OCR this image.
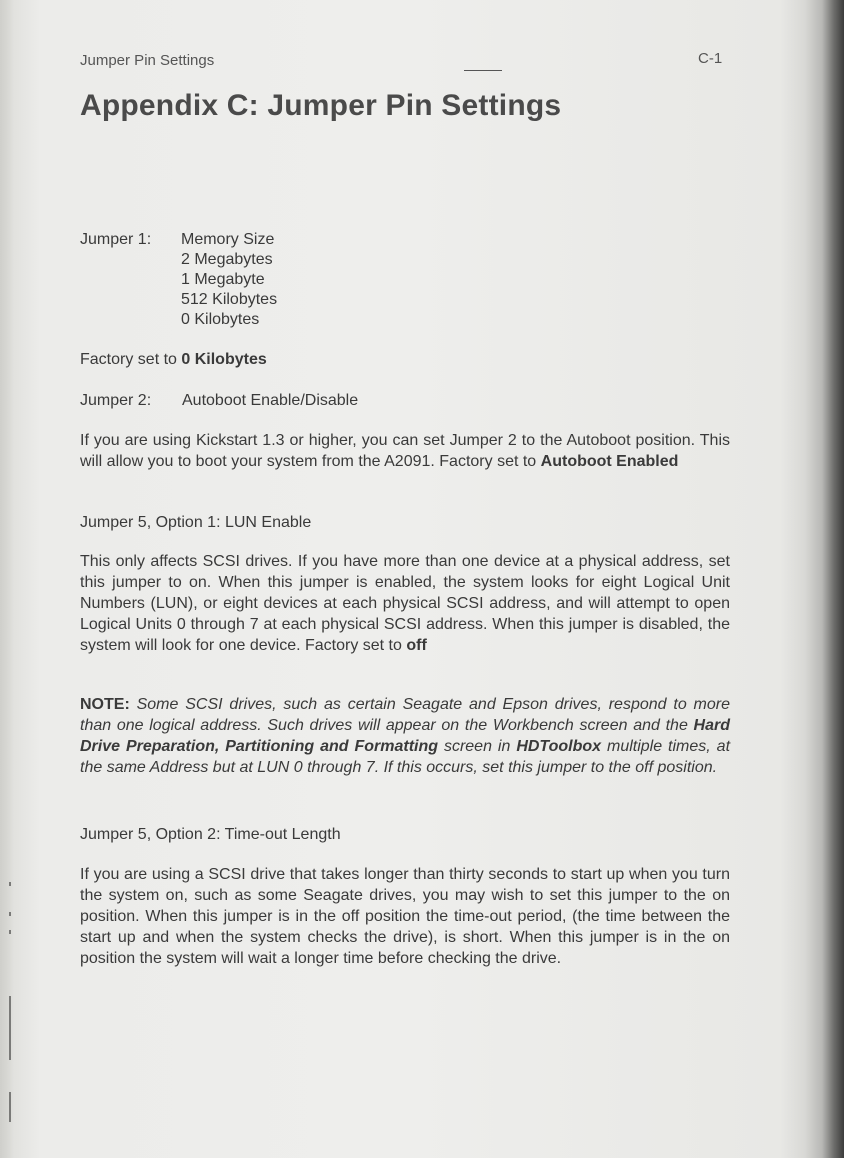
Jumper Pin Settings	C-1
Appendix C: Jumper Pin Settings
Jumper 1:	Memory Size
2 Megabytes
1 Megabyte
512 Kilobytes
0 Kilobytes
Factory set to 0 Kilobytes
Jumper 2: Autoboot Enable/Disable

If you are using Kickstart 1.3 or higher, you can set Jumper 2 to the Autoboot position. This will allow you to boot your system from the A2091. Factory set to Autoboot Enabled

Jumper 5, Option 1: LUN Enable

This only affects SCSI drives. If you have more than one device at a physical address, set this jumper to on. When this jumper is enabled, the system looks for eight Logical Unit Numbers (LUN), or eight devices at each physical SCSI address, and will attempt to open Logical Units 0 through 7 at each physical SCSI address. When this jumper is disabled, the system will look for one device. Factory set to off

NOTE: Some SCSI drives, such as certain Seagate and Epson drives, respond to more than one logical address. Such drives will appear on the Workbench screen and the Hard Drive Preparation, Partitioning and Formatting screen in HDToolbox multiple times, at the same Address but at LUN 0 through 7. If this occurs, set this jumper to the off position.

Jumper 5, Option 2: Time-out Length

If you are using a SCSI drive that takes longer than thirty seconds to start up when you turn the system on, such as some Seagate drives, you may wish to set this jumper to the on position. When this jumper is in the off position the time-out period, (the time between the start up and when the system checks the drive), is short. When this jumper is in the on position the system will wait a longer time before checking the drive.
